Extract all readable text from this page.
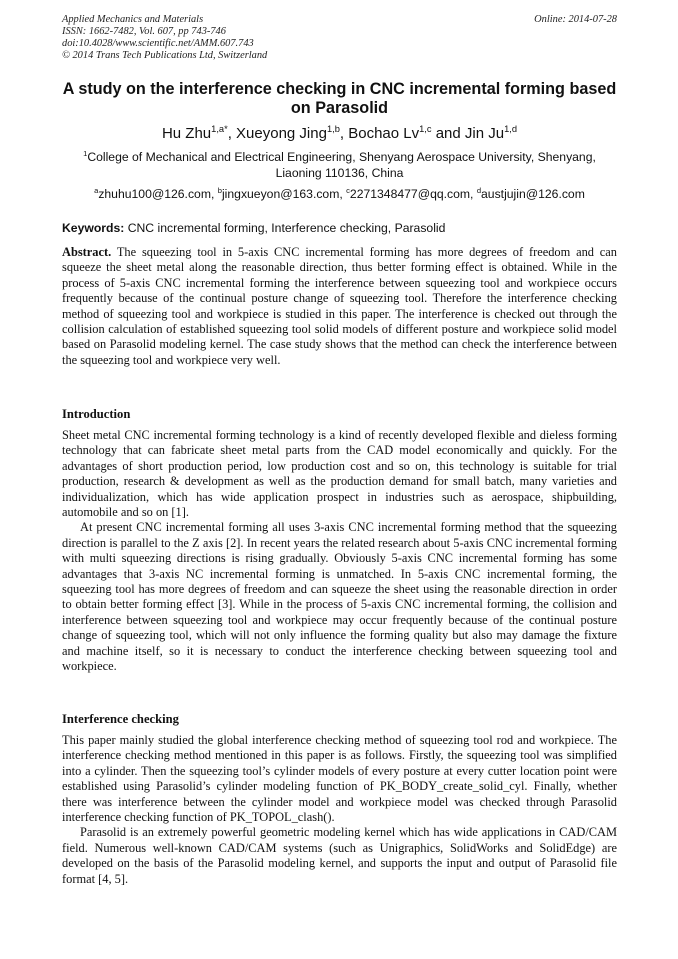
Applied Mechanics and Materials
ISSN: 1662-7482, Vol. 607, pp 743-746
doi:10.4028/www.scientific.net/AMM.607.743
© 2014 Trans Tech Publications Ltd, Switzerland
Online: 2014-07-28
A study on the interference checking in CNC incremental forming based on Parasolid
Hu Zhu$^{1,a*}$, Xueyong Jing$^{1,b}$, Bochao Lv$^{1,c}$ and Jin Ju$^{1,d}$
$^1$College of Mechanical and Electrical Engineering, Shenyang Aerospace University, Shenyang, Liaoning 110136, China
$^a$zhuhu100@126.com, $^b$jingxueyon@163.com, $^c$2271348477@qq.com, $^d$austjujin@126.com
Keywords: CNC incremental forming, Interference checking, Parasolid

Abstract. The squeezing tool in 5-axis CNC incremental forming has more degrees of freedom and can squeeze the sheet metal along the reasonable direction, thus better forming effect is obtained. While in the process of 5-axis CNC incremental forming the interference between squeezing tool and workpiece occurs frequently because of the continual posture change of squeezing tool. Therefore the interference checking method of squeezing tool and workpiece is studied in this paper. The interference is checked out through the collision calculation of established squeezing tool solid models of different posture and workpiece solid model based on Parasolid modeling kernel. The case study shows that the method can check the interference between the squeezing tool and workpiece very well.

Introduction

Sheet metal CNC incremental forming technology is a kind of recently developed flexible and dieless forming technology that can fabricate sheet metal parts from the CAD model economically and quickly. For the advantages of short production period, low production cost and so on, this technology is suitable for trial production, research & development as well as the production demand for small batch, many varieties and individualization, which has wide application prospect in industries such as aerospace, shipbuilding, automobile and so on [1].

At present CNC incremental forming all uses 3-axis CNC incremental forming method that the squeezing direction is parallel to the Z axis [2]. In recent years the related research about 5-axis CNC incremental forming with multi squeezing directions is rising gradually. Obviously 5-axis CNC incremental forming has some advantages that 3-axis NC incremental forming is unmatched. In 5-axis CNC incremental forming, the squeezing tool has more degrees of freedom and can squeeze the sheet using the reasonable direction in order to obtain better forming effect [3]. While in the process of 5-axis CNC incremental forming, the collision and interference between squeezing tool and workpiece may occur frequently because of the continual posture change of squeezing tool, which will not only influence the forming quality but also may damage the fixture and machine itself, so it is necessary to conduct the interference checking between squeezing tool and workpiece.

Interference checking

This paper mainly studied the global interference checking method of squeezing tool rod and workpiece. The interference checking method mentioned in this paper is as follows. Firstly, the squeezing tool was simplified into a cylinder. Then the squeezing tool’s cylinder models of every posture at every cutter location point were established using Parasolid’s cylinder modeling function of PK_BODY_create_solid_cyl. Finally, whether there was interference between the cylinder model and workpiece model was checked through Parasolid interference checking function of PK_TOPOL_clash().

Parasolid is an extremely powerful geometric modeling kernel which has wide applications in CAD/CAM field. Numerous well-known CAD/CAM systems (such as Unigraphics, SolidWorks and SolidEdge) are developed on the basis of the Parasolid modeling kernel, and supports the input and output of Parasolid file format [4, 5].
